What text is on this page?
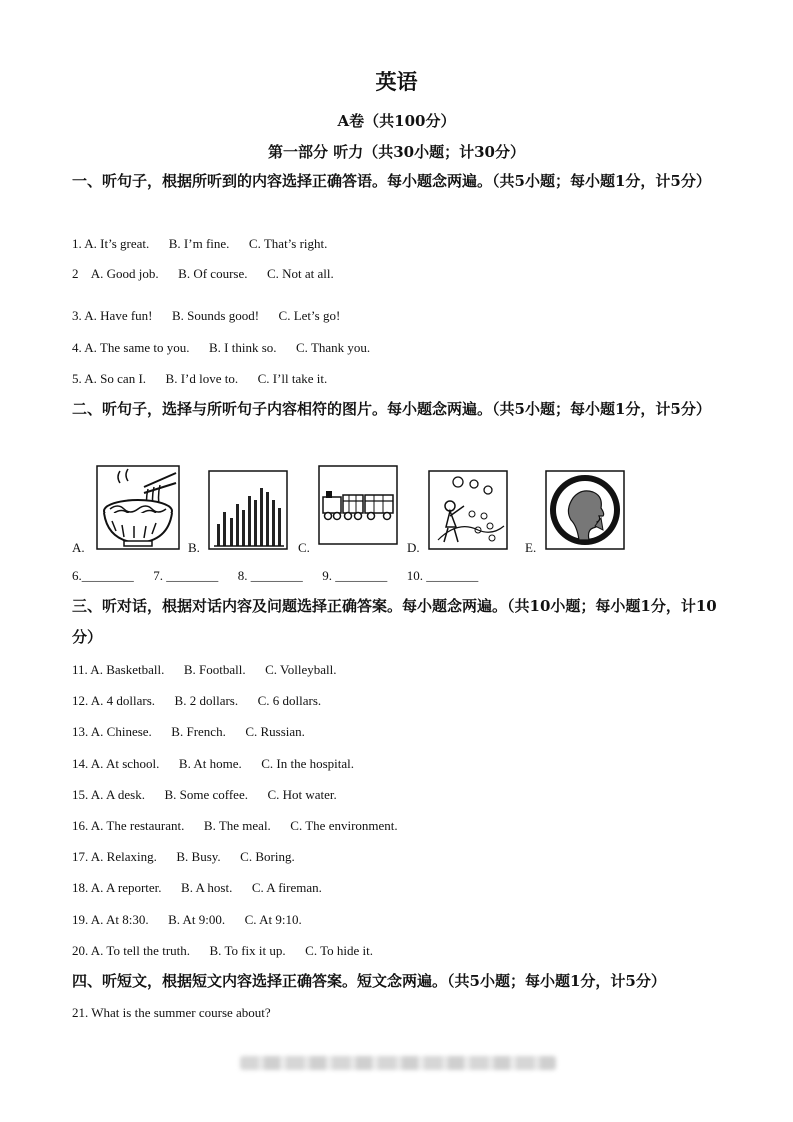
英语
A卷（共100分）
第一部分 听力（共30小题；计30分）
一、听句子，根据所听到的内容选择正确答语。每小题念两遍。（共5小题；每小题1分，计5分）
1. A. It’s great.      B. I’m fine.      C. That’s right.
2    A. Good job.      B. Of course.      C. Not at all.
3. A. Have fun!      B. Sounds good!      C. Let’s go!
4. A. The same to you.      B. I think so.      C. Thank you.
5. A. So can I.      B. I’d love to.      C. I’ll take it.
二、听句子，选择与所听句子内容相符的图片。每小题念两遍。（共5小题；每小题1分，计5分）
A.	B.	C.	D.	E.
6.________      7. ________      8. ________      9. ________      10. ________
三、听对话，根据对话内容及问题选择正确答案。每小题念两遍。（共10小题；每小题1分，计10分）
11. A. Basketball.      B. Football.      C. Volleyball.
12. A. 4 dollars.      B. 2 dollars.      C. 6 dollars.
13. A. Chinese.      B. French.      C. Russian.
14. A. At school.      B. At home.      C. In the hospital.
15. A. A desk.      B. Some coffee.      C. Hot water.
16. A. The restaurant.      B. The meal.      C. The environment.
17. A. Relaxing.      B. Busy.      C. Boring.
18. A. A reporter.      B. A host.      C. A fireman.
19. A. At 8:30.      B. At 9:00.      C. At 9:10.
20. A. To tell the truth.      B. To fix it up.      C. To hide it.
四、听短文，根据短文内容选择正确答案。短文念两遍。（共5小题；每小题1分，计5分）
21. What is the summer course about?
